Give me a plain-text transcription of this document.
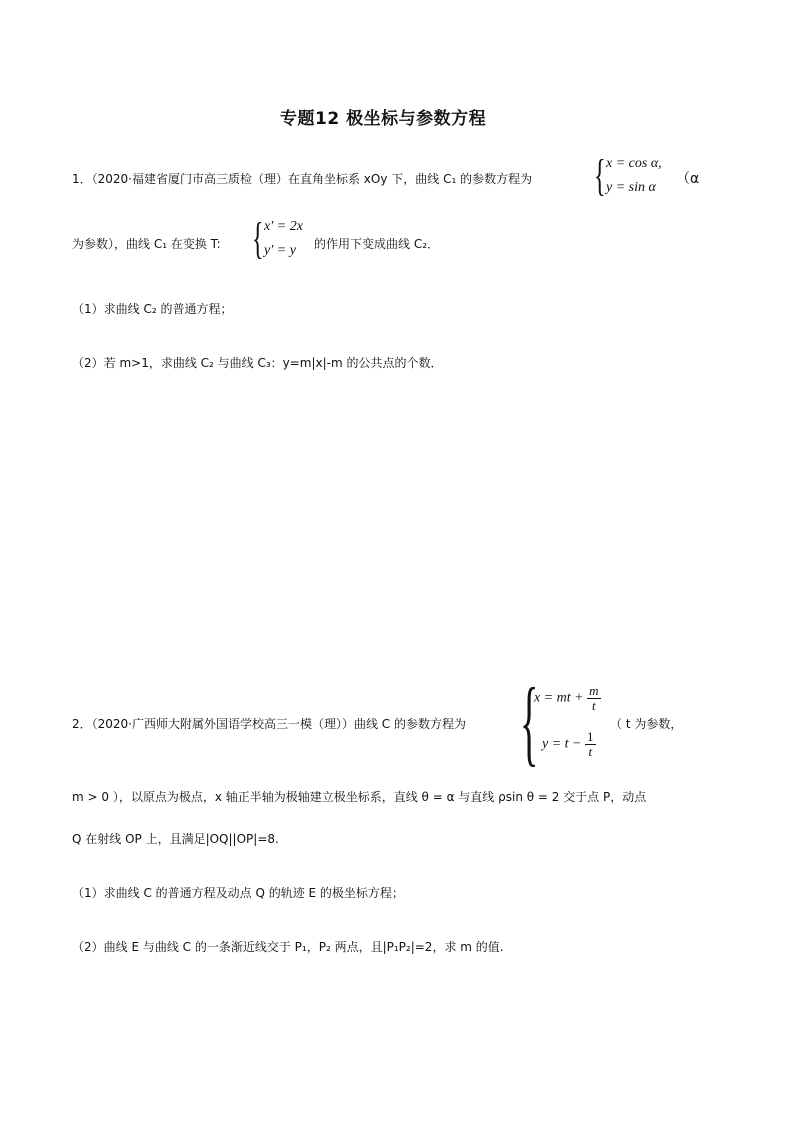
专题12 极坐标与参数方程
1．（2020·福建省厦门市高三质检（理）在直角坐标系 xOy 下，曲线 C₁ 的参数方程为 { x = cos α,
y = sin α
（α
为参数），曲线 C₁ 在变换 T: { x′ = 2x
y′ = y 的作用下变成曲线 C₂．
（1）求曲线 C₂ 的普通方程；
（2）若 m>1，求曲线 C₂ 与曲线 C₃：y=m|x|-m 的公共点的个数．
2．（2020·广西师大附属外国语学校高三一模（理））曲线 C 的参数方程为 {
x = mt + $\frac{m}{t}$
$y = t - \frac{1}{t}$
（ t 为参数，
m > 0 ），以原点为极点，x 轴正半轴为极轴建立极坐标系，直线 θ = α 与直线 ρsin θ = 2 交于点 P，动点
Q 在射线 OP 上，且满足|OQ||OP|=8.
（1）求曲线 C 的普通方程及动点 Q 的轨迹 E 的极坐标方程；
（2）曲线 E 与曲线 C 的一条渐近线交于 P₁，P₂ 两点，且|P₁P₂|=2，求 m 的值.
